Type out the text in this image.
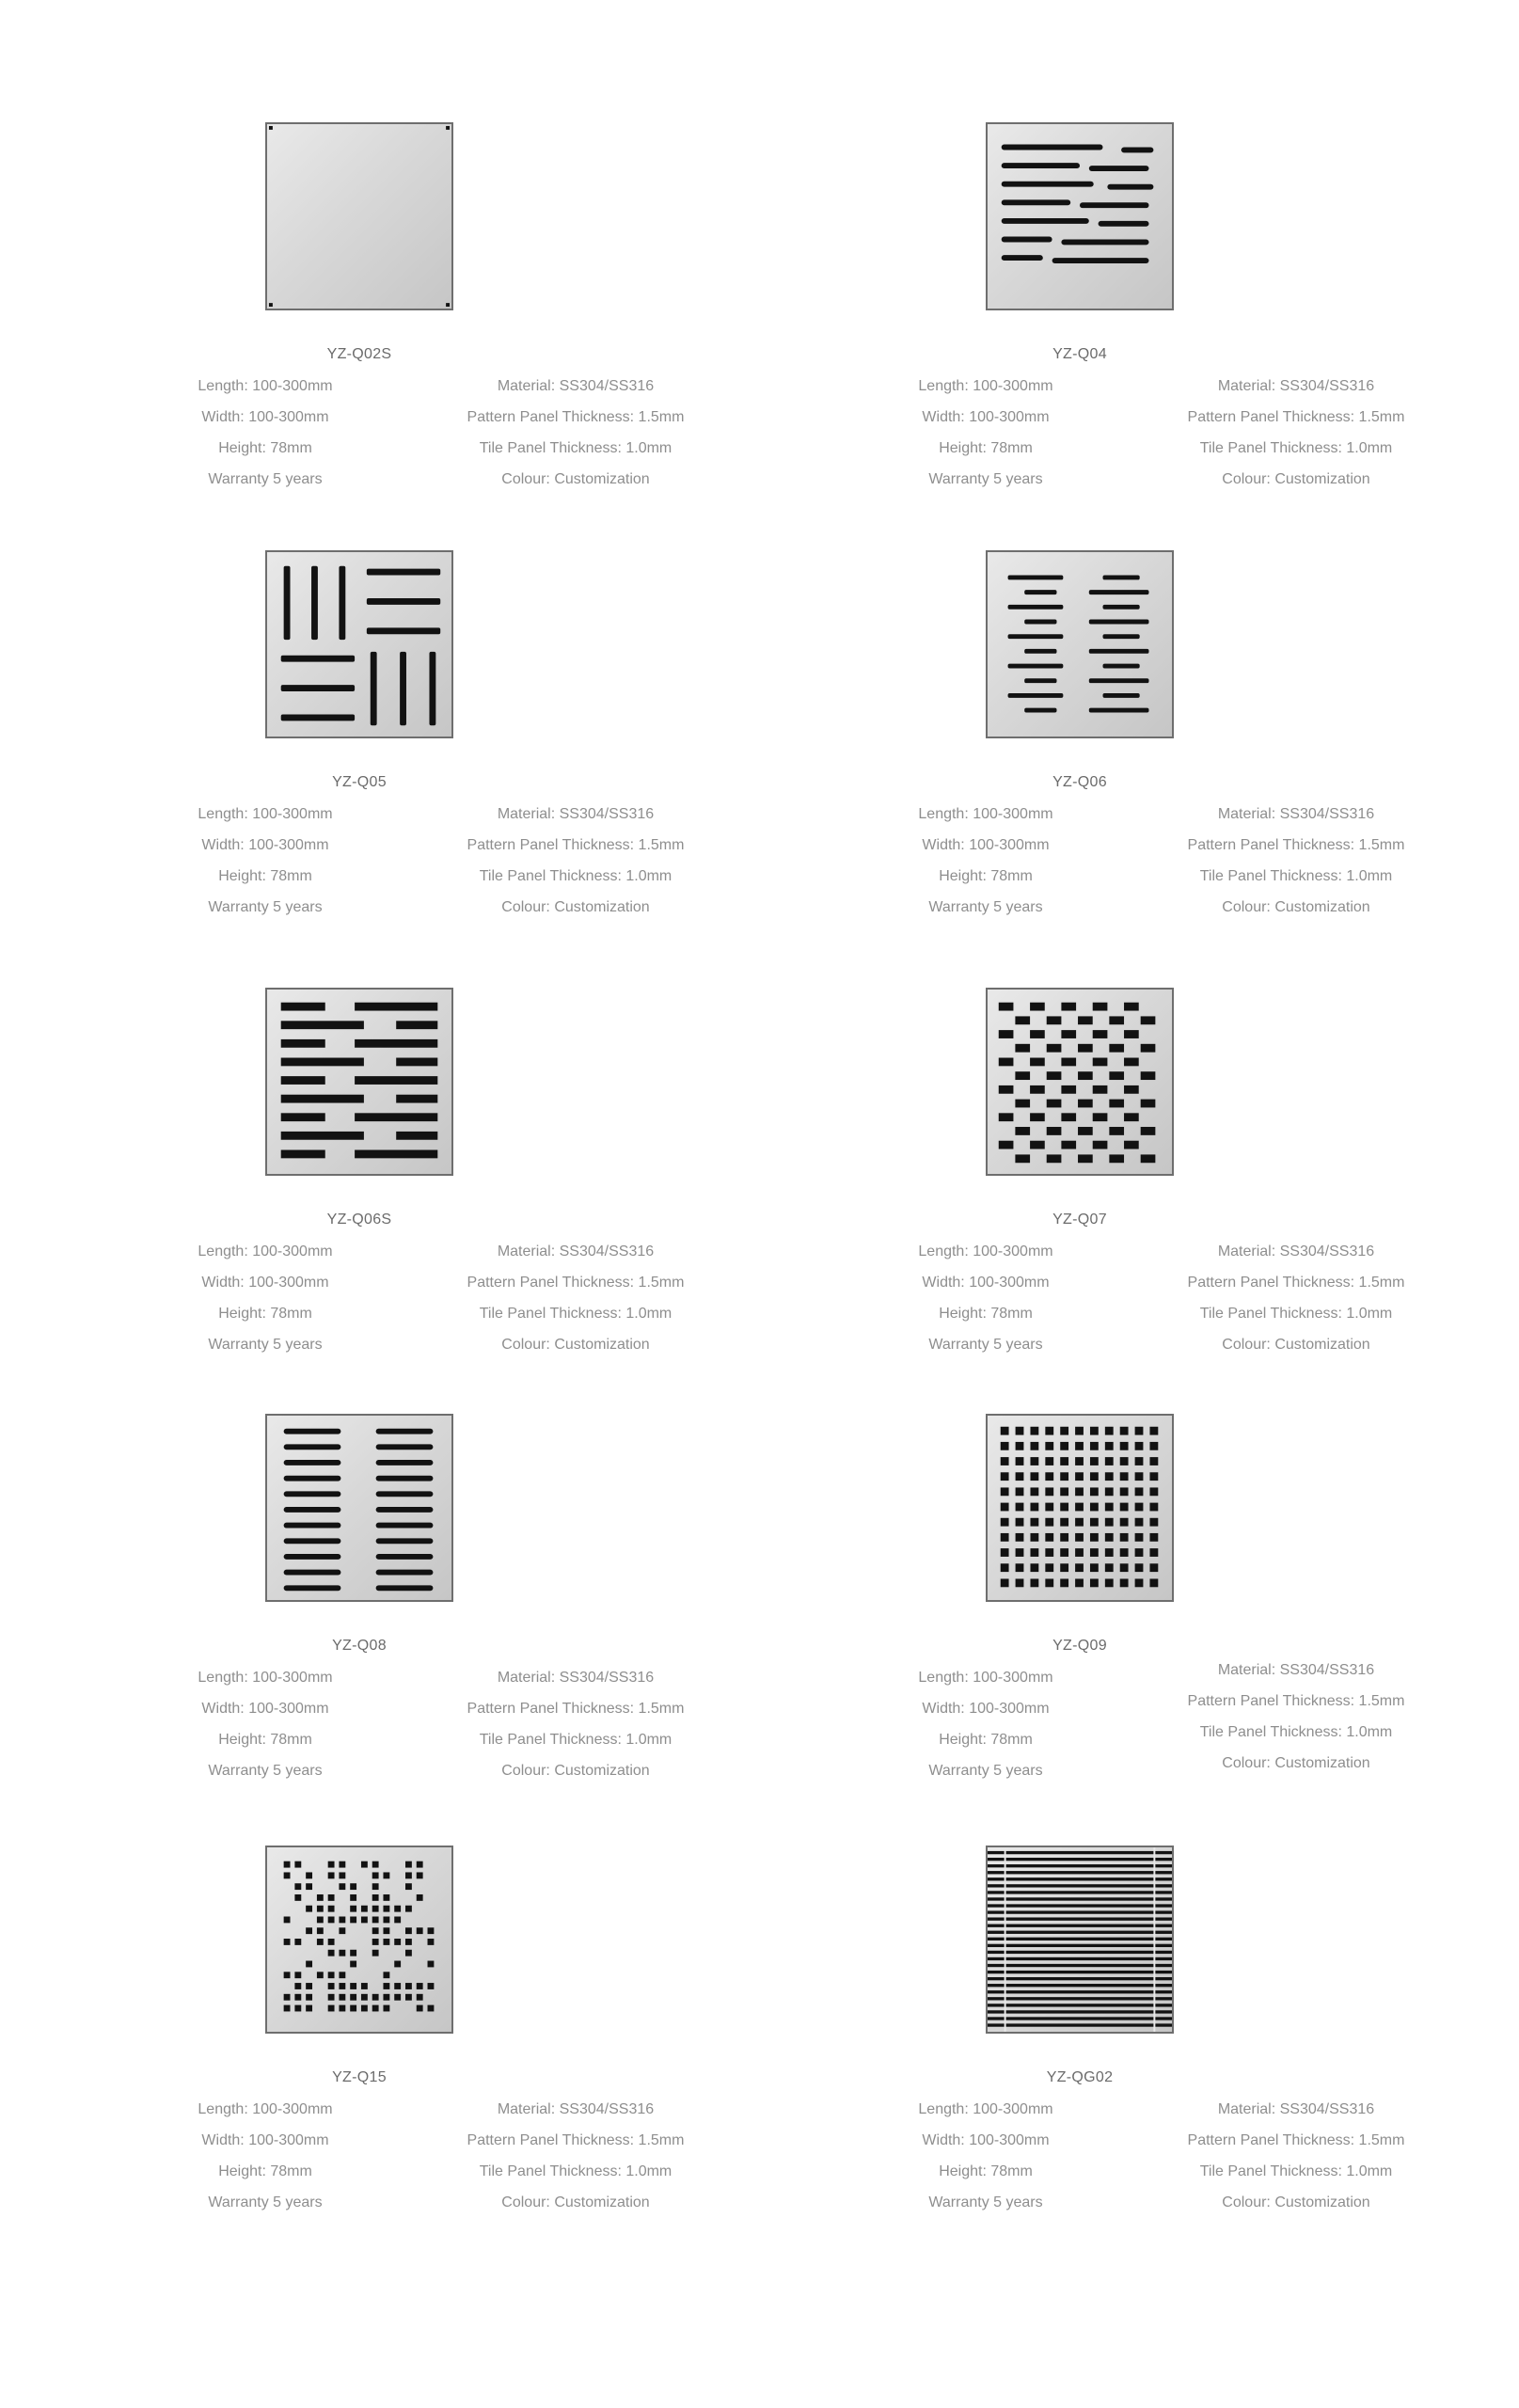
YZ-Q02S
Length: 100-300mm
Width: 100-300mm
Height: 78mm
Warranty 5 years
Material: SS304/SS316
Pattern Panel Thickness: 1.5mm
Tile Panel Thickness: 1.0mm
Colour: Customization
YZ-Q04
Length: 100-300mm
Width: 100-300mm
Height: 78mm
Warranty 5 years
Material: SS304/SS316
Pattern Panel Thickness: 1.5mm
Tile Panel Thickness: 1.0mm
Colour: Customization
YZ-Q05
Length: 100-300mm
Width: 100-300mm
Height: 78mm
Warranty 5 years
Material: SS304/SS316
Pattern Panel Thickness: 1.5mm
Tile Panel Thickness: 1.0mm
Colour: Customization
YZ-Q06
Length: 100-300mm
Width: 100-300mm
Height: 78mm
Warranty 5 years
Material: SS304/SS316
Pattern Panel Thickness: 1.5mm
Tile Panel Thickness: 1.0mm
Colour: Customization
YZ-Q06S
Length: 100-300mm
Width: 100-300mm
Height: 78mm
Warranty 5 years
Material: SS304/SS316
Pattern Panel Thickness: 1.5mm
Tile Panel Thickness: 1.0mm
Colour: Customization
YZ-Q07
Length: 100-300mm
Width: 100-300mm
Height: 78mm
Warranty 5 years
Material: SS304/SS316
Pattern Panel Thickness: 1.5mm
Tile Panel Thickness: 1.0mm
Colour: Customization
YZ-Q08
Length: 100-300mm
Width: 100-300mm
Height: 78mm
Warranty 5 years
Material: SS304/SS316
Pattern Panel Thickness: 1.5mm
Tile Panel Thickness: 1.0mm
Colour: Customization
YZ-Q09
Length: 100-300mm
Width: 100-300mm
Height: 78mm
Warranty 5 years
Material: SS304/SS316
Pattern Panel Thickness: 1.5mm
Tile Panel Thickness: 1.0mm
Colour: Customization
YZ-Q15
Length: 100-300mm
Width: 100-300mm
Height: 78mm
Warranty 5 years
Material: SS304/SS316
Pattern Panel Thickness: 1.5mm
Tile Panel Thickness: 1.0mm
Colour: Customization
YZ-QG02
Length: 100-300mm
Width: 100-300mm
Height: 78mm
Warranty 5 years
Material: SS304/SS316
Pattern Panel Thickness: 1.5mm
Tile Panel Thickness: 1.0mm
Colour: Customization
